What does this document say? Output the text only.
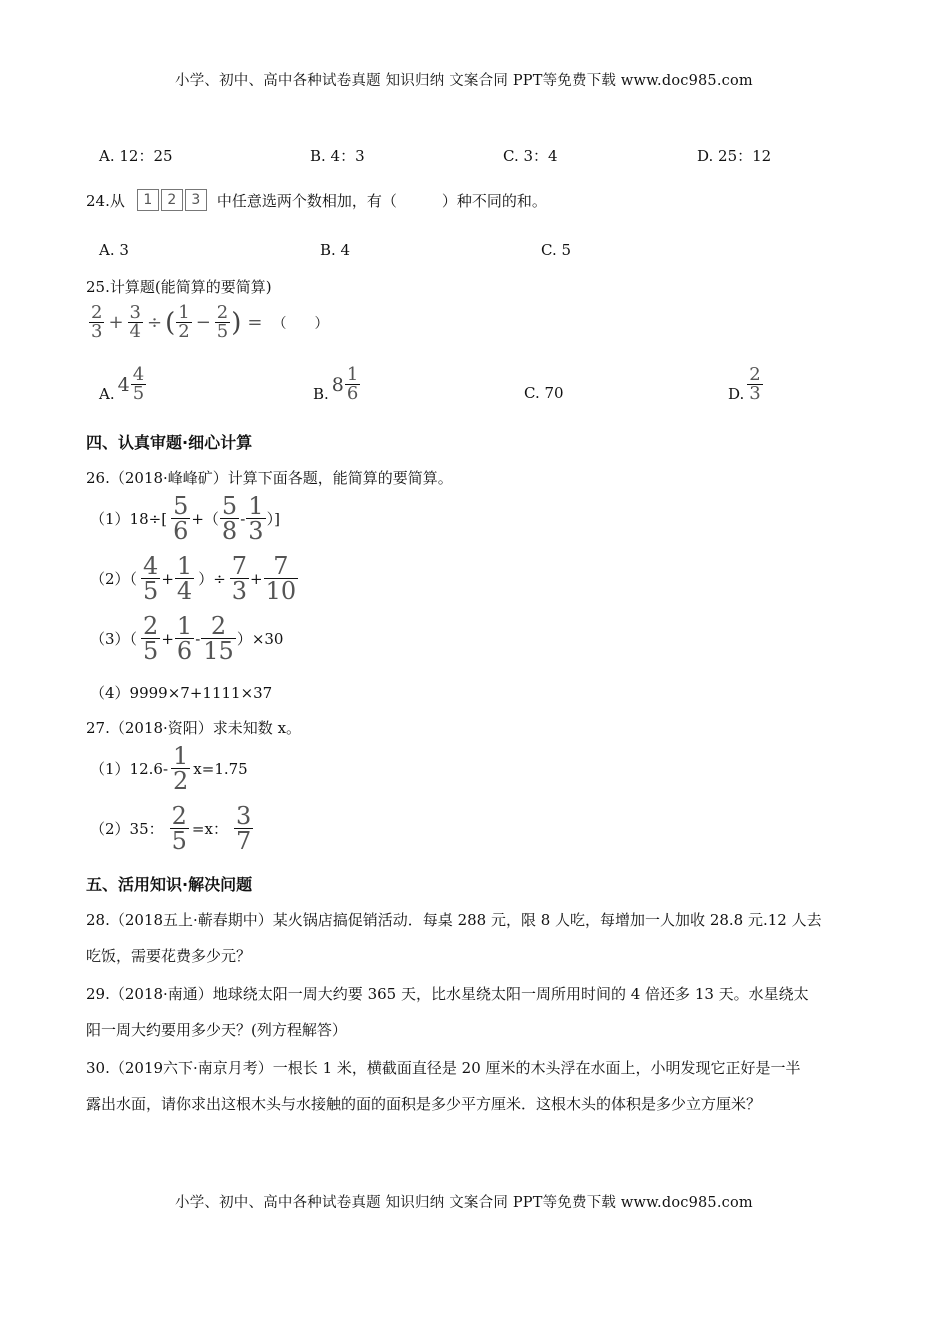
小学、初中、高中各种试卷真题 知识归纳 文案合同 PPT等免费下载 www.doc985.com
A. 12：25	B. 4：3	C. 3：4	D. 25：12
24.从	1 2 3	中任意选两个数相加，有（　　　）种不同的和。
A. 3	B. 4	C. 5
25.计算题(能简算的要简算)
$\frac{2}{3} + \frac{3}{4}$ ÷ ( $\frac{1}{2} - \frac{2}{5}$ ) = （　　）
A. $4 \frac{4}{5}$	B. $8 \frac{1}{6}$	C. 70	D. $\frac{2}{3}$
四、认真审题·细心计算
26.（2018·峰峰矿）计算下面各题，能简算的要简算。
$(1)18\div[ \frac{5}{6}$ +（ $\frac{5}{8} - \frac{1}{3}$ ）]
$(2)( \frac{4}{5} + \frac{1}{4}$ ）÷ $\frac{7}{3} + \frac{7}{10}$
$(3)( \frac{2}{5} + \frac{1}{6} - \frac{2}{15} )\times 30$
（4）9999×7+1111×37
27.（2018·资阳）求未知数 x。
$(1)12.6- \frac{1}{2} x=1.75$
（2）35： $\frac{2}{5} =x$： $\frac{3}{7}$
五、活用知识·解决问题
28.（2018五上·蕲春期中）某火锅店搞促销活动．每桌 288 元，限 8 人吃，每增加一人加收 28.8 元.12 人去
吃饭，需要花费多少元？
29.（2018·南通）地球绕太阳一周大约要 365 天，比水星绕太阳一周所用时间的 4 倍还多 13 天。水星绕太
阳一周大约要用多少天？(列方程解答）
30.（2019六下·南京月考）一根长 1 米，横截面直径是 20 厘米的木头浮在水面上，小明发现它正好是一半
露出水面，请你求出这根木头与水接触的面的面积是多少平方厘米．这根木头的体积是多少立方厘米？
小学、初中、高中各种试卷真题 知识归纳 文案合同 PPT等免费下载 www.doc985.com
